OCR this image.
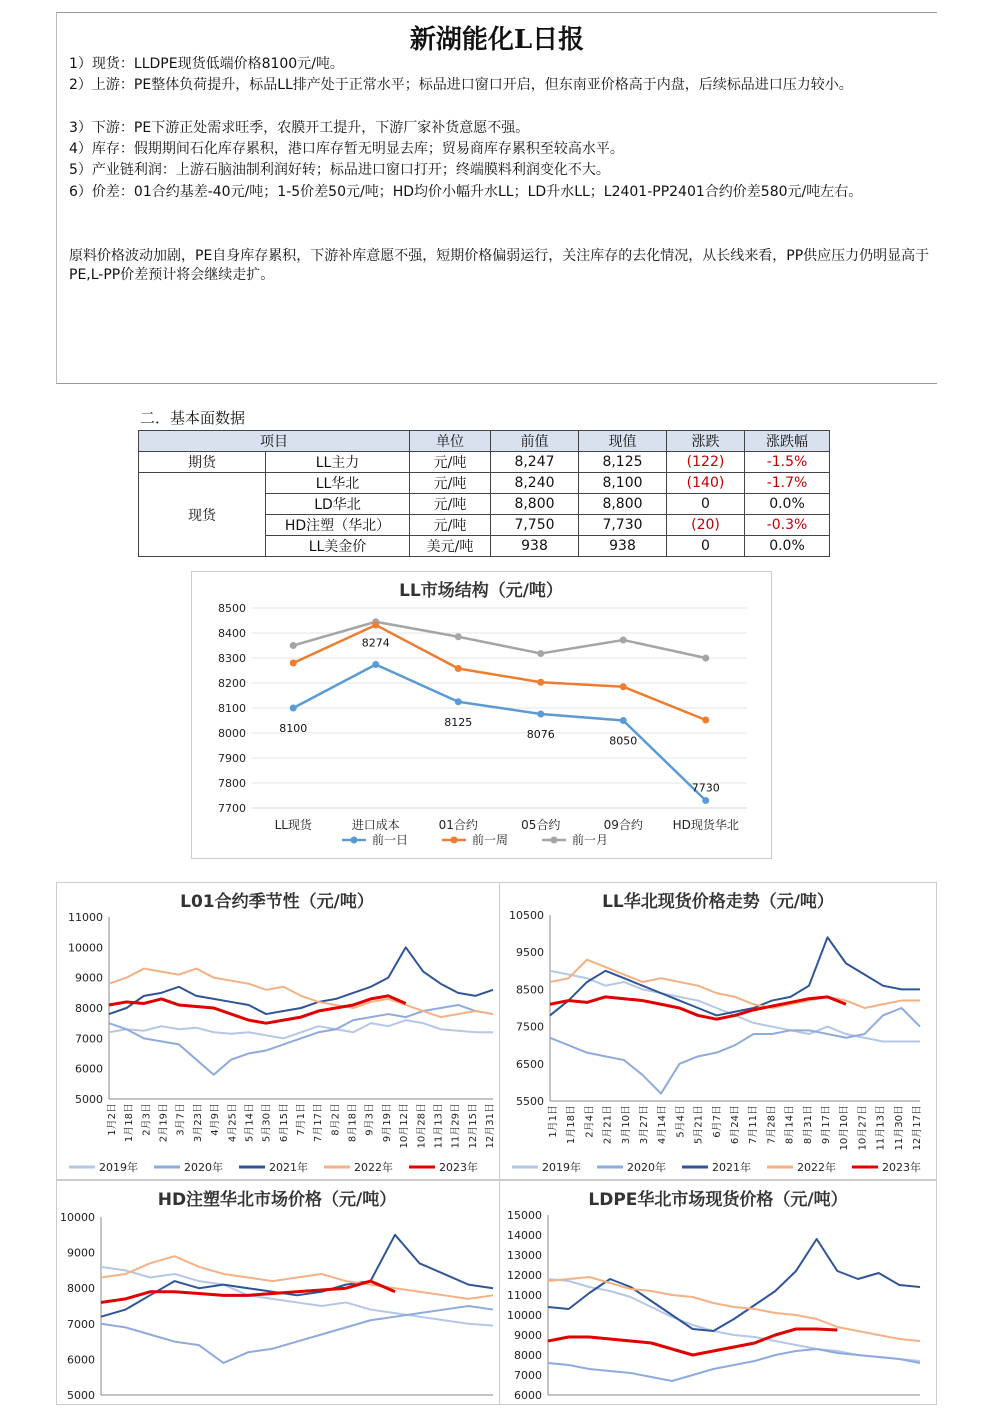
新湖能化L日报
1）现货：LLDPE现货低端价格8100元/吨。
2）上游：PE整体负荷提升，标品LL排产处于正常水平；标品进口窗口开启，但东南亚价格高于内盘，后续标品进口压力较小。
3）下游：PE下游正处需求旺季，农膜开工提升，下游厂家补货意愿不强。
4）库存：假期期间石化库存累积，港口库存暂无明显去库；贸易商库存累积至较高水平。
5）产业链利润：上游石脑油制利润好转；标品进口窗口打开；终端膜料利润变化不大。
6）价差：01合约基差-40元/吨；1-5价差50元/吨；HD均价小幅升水LL；LD升水LL；L2401-PP2401合约价差580元/吨左右。
原料价格波动加剧，PE自身库存累积，下游补库意愿不强，短期价格偏弱运行，关注库存的去化情况，从长线来看，PP供应压力仍明显高于PE,L-PP价差预计将会继续走扩。
二．基本面数据
项目		单位	前值	现值	涨跌	涨跌幅
期货	LL主力	元/吨	8,247	8,125	(122)	-1.5%
现货	LL华北	元/吨	8,240	8,100	(140)	-1.7%
	LD华北	元/吨	8,800	8,800	0	0.0%
	HD注塑（华北）	元/吨	7,750	7,730	(20)	-0.3%
	LL美金价	美元/吨	938	938	0	0.0%
LL市场结构（元/吨）
7700
7800
7900
8000
8100
8200
8300
8400
8500
LL现货	进口成本	01合约	05合约	09合约 HD现货华北
8100
8274
8125
8076	8050
7730
前一日	前一周	前一月
L01合约季节性（元/吨）
5000
6000
7000
8000
9000
10000
11000
1月2日 1月18日 2月3日 2月19日 3月7日 3月23日 4月9日 4月25日 5月14日 5月30日 6月15日 7月1日 7月17日 8月2日 8月18日 9月3日 9月19日 10月12日 10月28日 11月13日 11月29日 12月15日 12月31日
2019年	2020年	2021年	2022年	2023年
LL华北现货价格走势（元/吨）
5500
6500
7500
8500
9500
10500
1月1日 1月18日 2月4日 2月21日 3月10日 3月27日 4月14日 5月4日 5月21日 6月7日 6月24日 7月11日 7月28日 8月14日 8月31日 9月17日 10月10日 10月27日 11月13日 11月30日 12月17日
2019年	2020年	2021年	2022年	2023年
HD注塑华北市场价格（元/吨）
5000
6000
7000
8000
9000
10000
LDPE华北市场现货价格（元/吨）
6000
7000
8000
9000
10000
11000
12000
13000
14000
15000
